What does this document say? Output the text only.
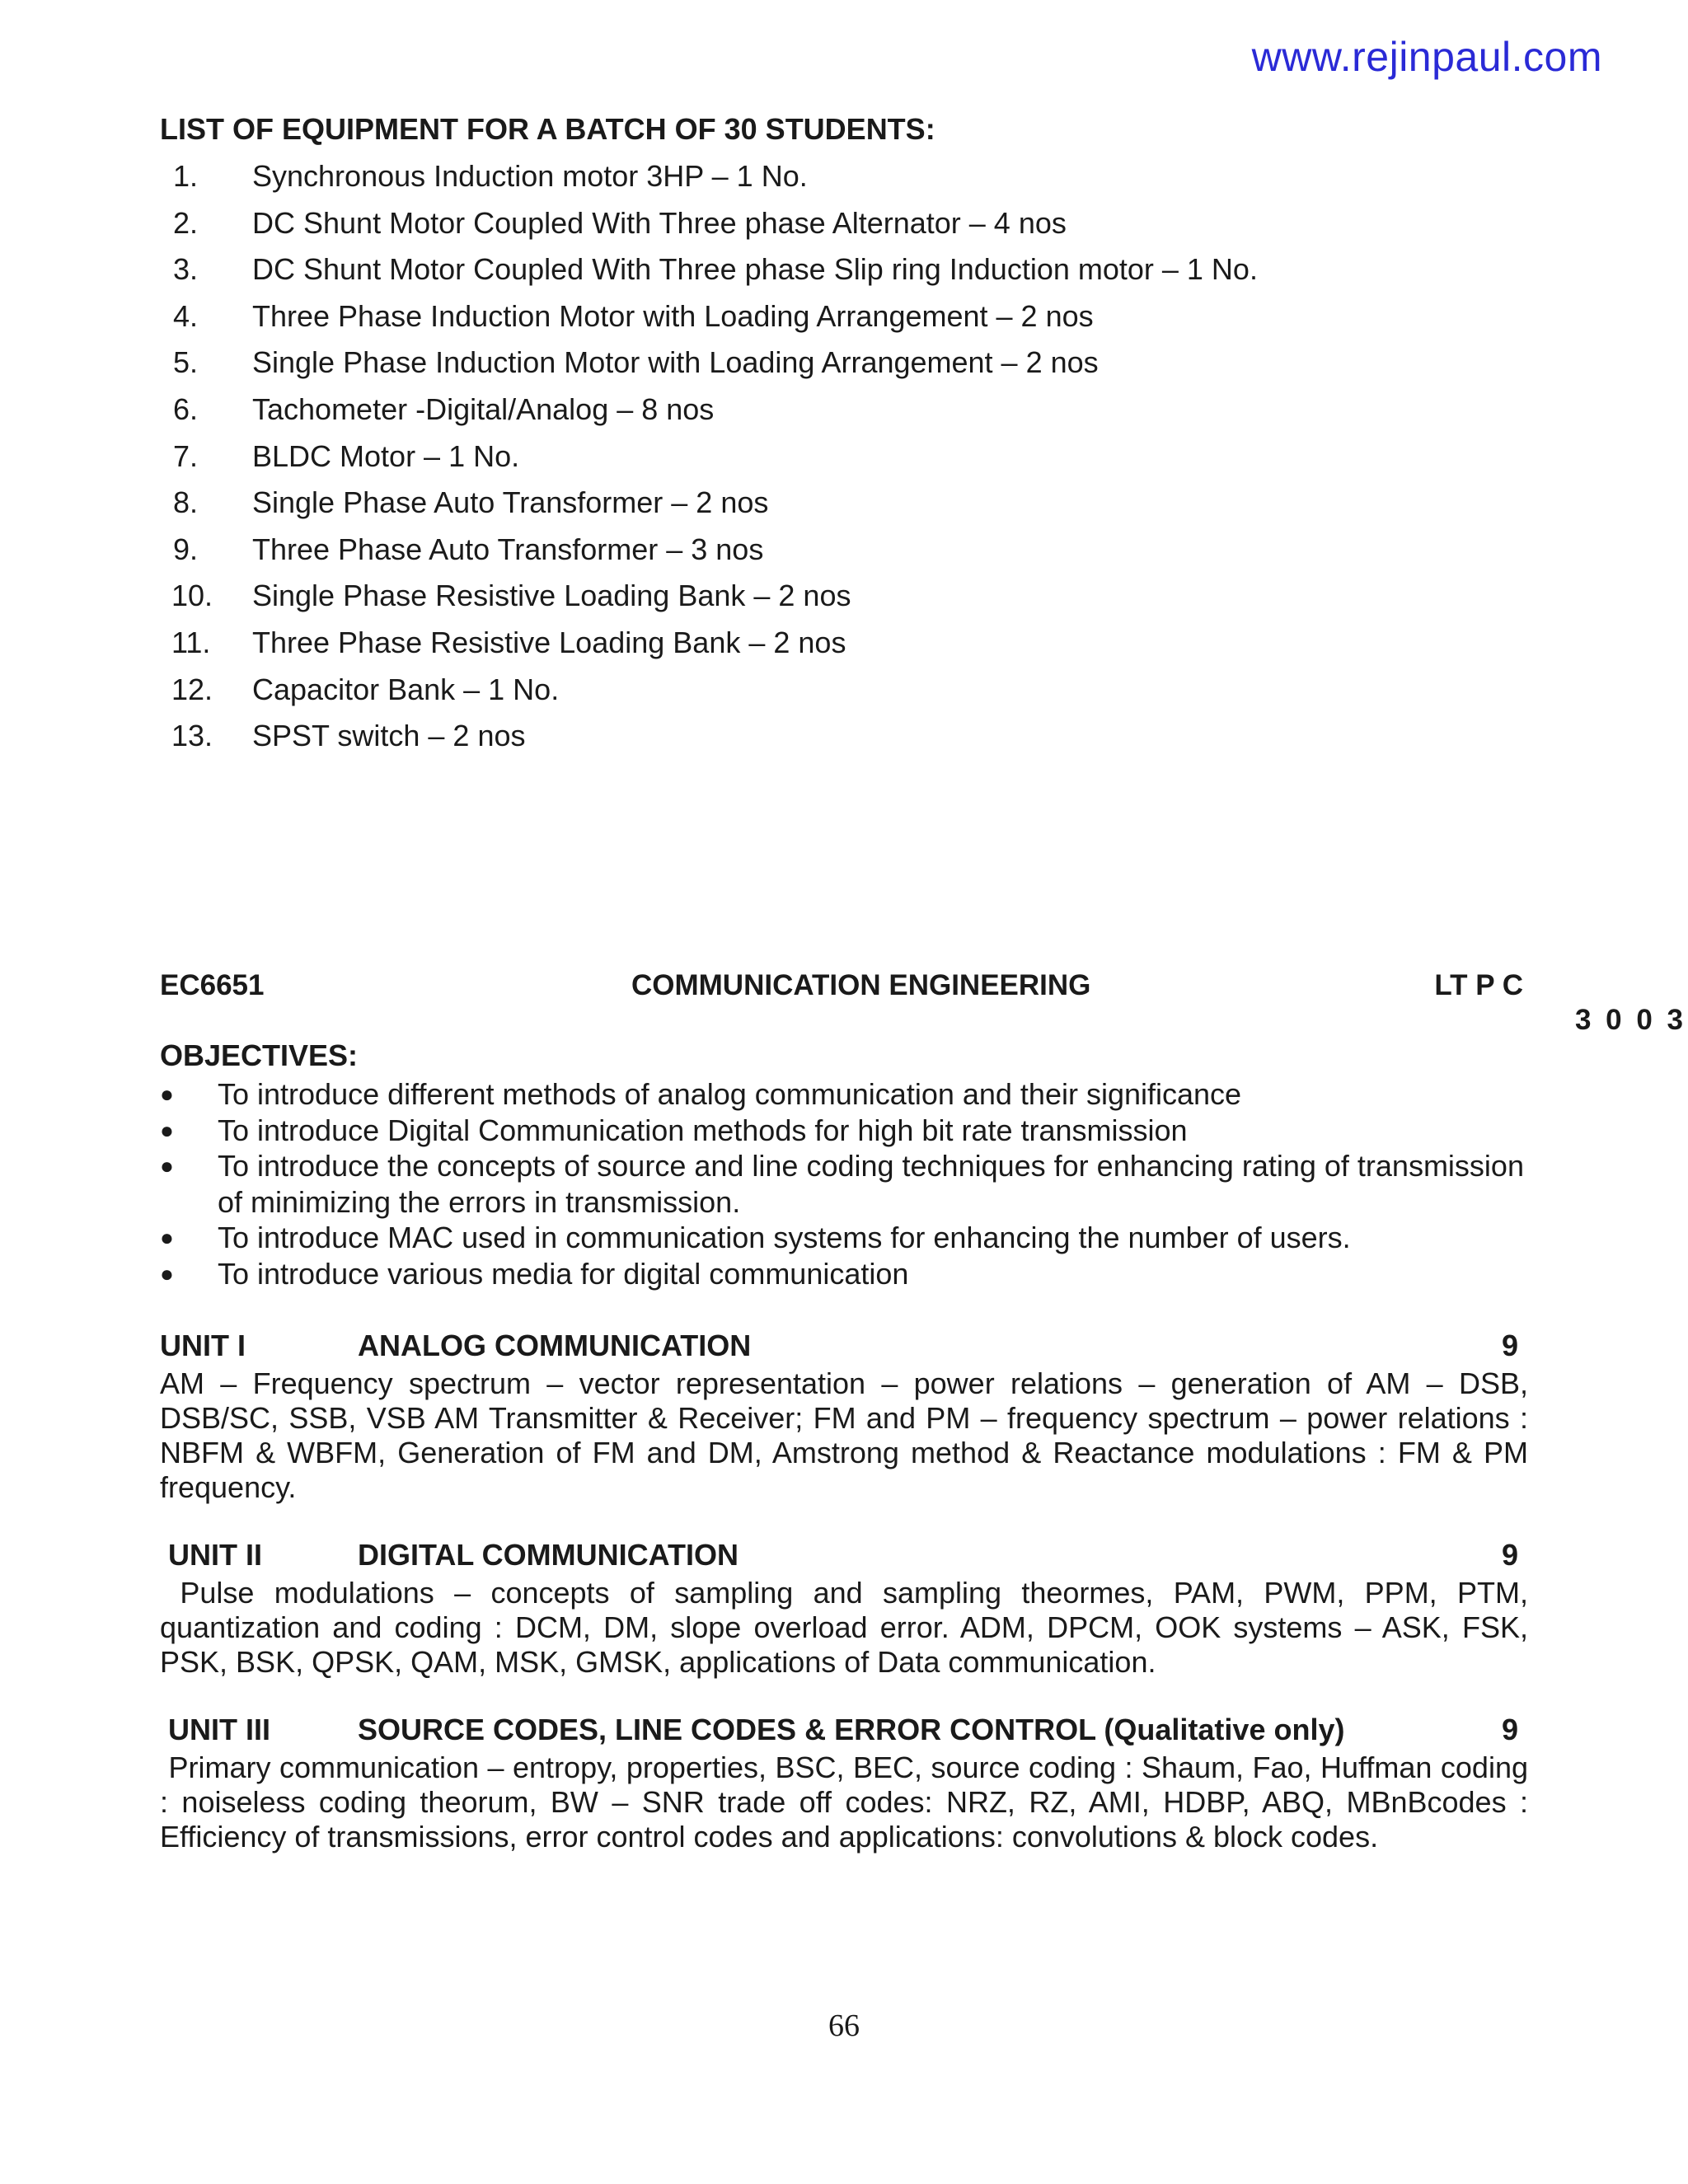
www.rejinpaul.com
LIST OF EQUIPMENT FOR A BATCH OF 30 STUDENTS:
1.	Synchronous Induction motor 3HP – 1 No.
2.	DC Shunt Motor Coupled With Three phase Alternator – 4 nos
3.	DC Shunt Motor Coupled With Three phase Slip ring Induction motor – 1 No.
4.	Three Phase Induction Motor with Loading Arrangement – 2 nos
5.	Single Phase Induction Motor with Loading Arrangement – 2 nos
6.	Tachometer -Digital/Analog – 8 nos
7.	BLDC Motor – 1 No.
8.	Single Phase Auto Transformer – 2 nos
9.	Three Phase Auto Transformer – 3 nos
10.	Single Phase Resistive Loading Bank – 2 nos
11.	Three Phase Resistive Loading Bank – 2 nos
12.	Capacitor Bank – 1 No.
13.	SPST switch – 2 nos
EC6651	COMMUNICATION ENGINEERING	LT P C
3 0 0 3
OBJECTIVES:
●	To introduce different methods of analog communication and their significance
●	To introduce Digital Communication methods for high bit rate transmission
●	To introduce the concepts of source and line coding techniques for enhancing rating of transmission of minimizing the errors in transmission.
●	To introduce MAC used in communication systems for enhancing the number of users.
●	To introduce various media for digital communication
UNIT I	ANALOG COMMUNICATION	9

AM – Frequency spectrum – vector representation – power relations – generation of AM – DSB, DSB/SC, SSB, VSB AM Transmitter & Receiver; FM and PM – frequency spectrum – power relations : NBFM & WBFM, Generation of FM and DM, Amstrong method & Reactance modulations : FM & PM frequency.

UNIT II	DIGITAL COMMUNICATION	9

Pulse modulations – concepts of sampling and sampling theormes, PAM, PWM, PPM, PTM, quantization and coding : DCM, DM, slope overload error. ADM, DPCM, OOK systems – ASK, FSK, PSK, BSK, QPSK, QAM, MSK, GMSK, applications of Data communication.

UNIT III	SOURCE CODES, LINE CODES & ERROR CONTROL (Qualitative only)	9

Primary communication – entropy, properties, BSC, BEC, source coding : Shaum, Fao, Huffman coding : noiseless coding theorum, BW – SNR trade off codes: NRZ, RZ, AMI, HDBP, ABQ, MBnBcodes : Efficiency of transmissions, error control codes and applications: convolutions & block codes.

66
